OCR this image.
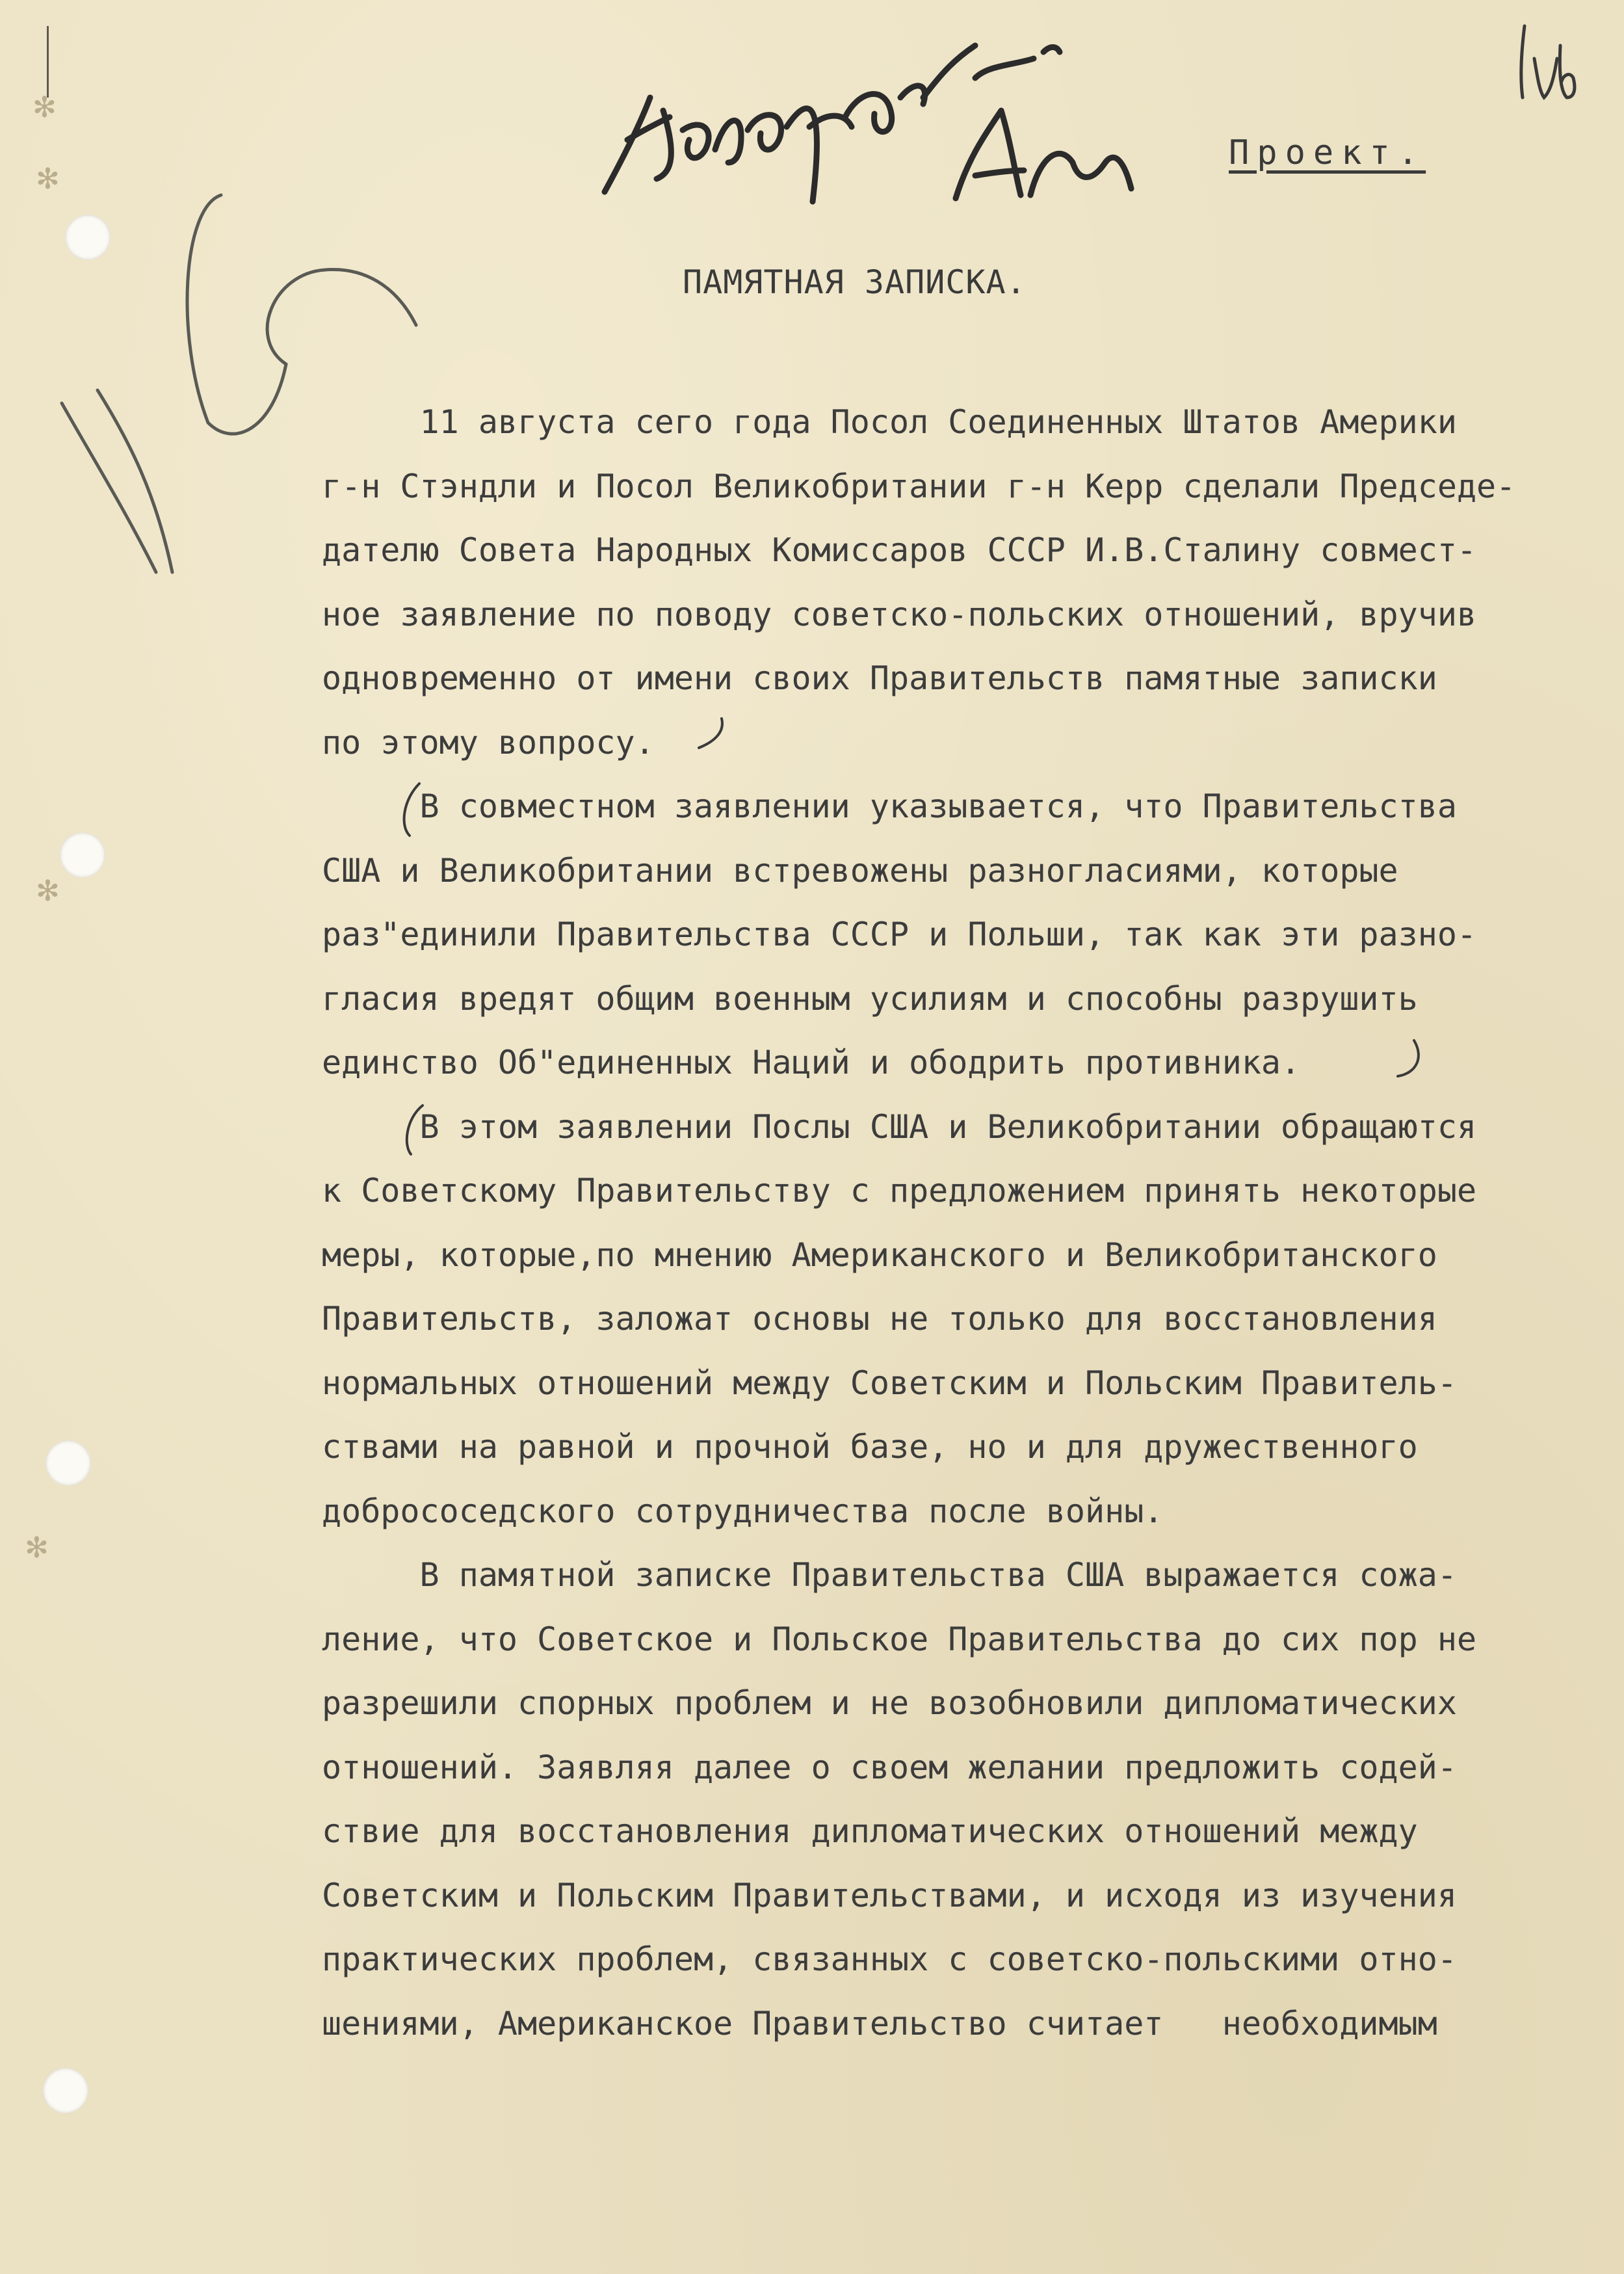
✻
✻
✻
✻
Проект.
ПАМЯТНАЯ ЗАПИСКА.
11 августа сего года Посол Соединенных Штатов Америки
г-н Стэндли и Посол Великобритании г-н Керр сделали Председе-
дателю Совета Народных Комиссаров СССР И.В.Сталину совмест-
ное заявление по поводу советско-польских отношений, вручив
одновременно от имени своих Правительств памятные записки
по этому вопросу.
В совместном заявлении указывается, что Правительства
США и Великобритании встревожены разногласиями, которые
раз"единили Правительства СССР и Польши, так как эти разно-
гласия вредят общим военным усилиям и способны разрушить
единство Об"единенных Наций и ободрить противника.
В этом заявлении Послы США и Великобритании обращаются
к Советскому Правительству с предложением принять некоторые
меры, которые,по мнению Американского и Великобританского
Правительств, заложат основы не только для восстановления
нормальных отношений между Советским и Польским Правитель-
ствами на равной и прочной базе, но и для дружественного
добрососедского сотрудничества после войны.
В памятной записке Правительства США выражается сожа-
ление, что Советское и Польское Правительства до сих пор не
разрешили спорных проблем и не возобновили дипломатических
отношений. Заявляя далее о своем желании предложить содей-
ствие для восстановления дипломатических отношений между
Советским и Польским Правительствами, и исходя из изучения
практических проблем, связанных с советско-польскими отно-
шениями, Американское Правительство считает   необходимым
